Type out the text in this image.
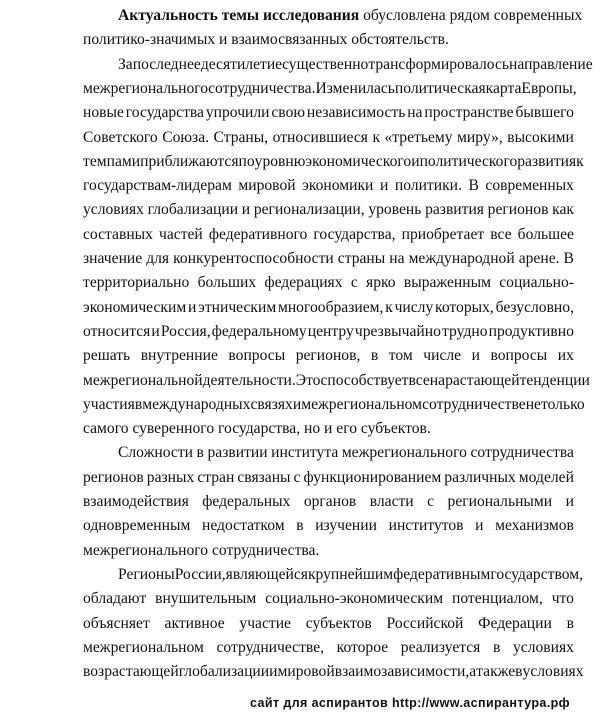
Актуальность темы исследования обусловлена рядом современных
политико-значимых и взаимосвязанных обстоятельств.
За последнее десятилетие существенно трансформировалось направление
межрегионального сотрудничества. Изменилась политическая карта Европы,
новые государства упрочили свою независимость на пространстве бывшего
Советского Союза. Страны, относившиеся к «третьему миру», высокими
темпами приближаются по уровню экономического и политического развития к
государствам-лидерам мировой экономики и политики. В современных
условиях глобализации и регионализации, уровень развития регионов как
составных частей федеративного государства, приобретает все большее
значение для конкурентоспособности страны на международной арене. В
территориально больших федерациях с ярко выраженным социально-
экономическим и этническим многообразием, к числу которых, безусловно,
относится и Россия, федеральному центру чрезвычайно трудно продуктивно
решать внутренние вопросы регионов, в том числе и вопросы их
межрегиональной деятельности. Это способствует все нарастающей тенденции
участия в международных связях и межрегиональном сотрудничестве не только
самого суверенного государства, но и его субъектов.
Сложности в развитии института межрегионального сотрудничества
регионов разных стран связаны с функционированием различных моделей
взаимодействия федеральных органов власти с региональными и
одновременным недостатком в изучении институтов и механизмов
межрегионального сотрудничества.
Регионы России, являющейся крупнейшим федеративным государством,
обладают внушительным социально-экономическим потенциалом, что
объясняет активное участие субъектов Российской Федерации в
межрегиональном сотрудничестве, которое реализуется в условиях
возрастающей глобализации и мировой взаимозависимости, а также в условиях
сайт для аспирантов http://www.аспирантура.рф
